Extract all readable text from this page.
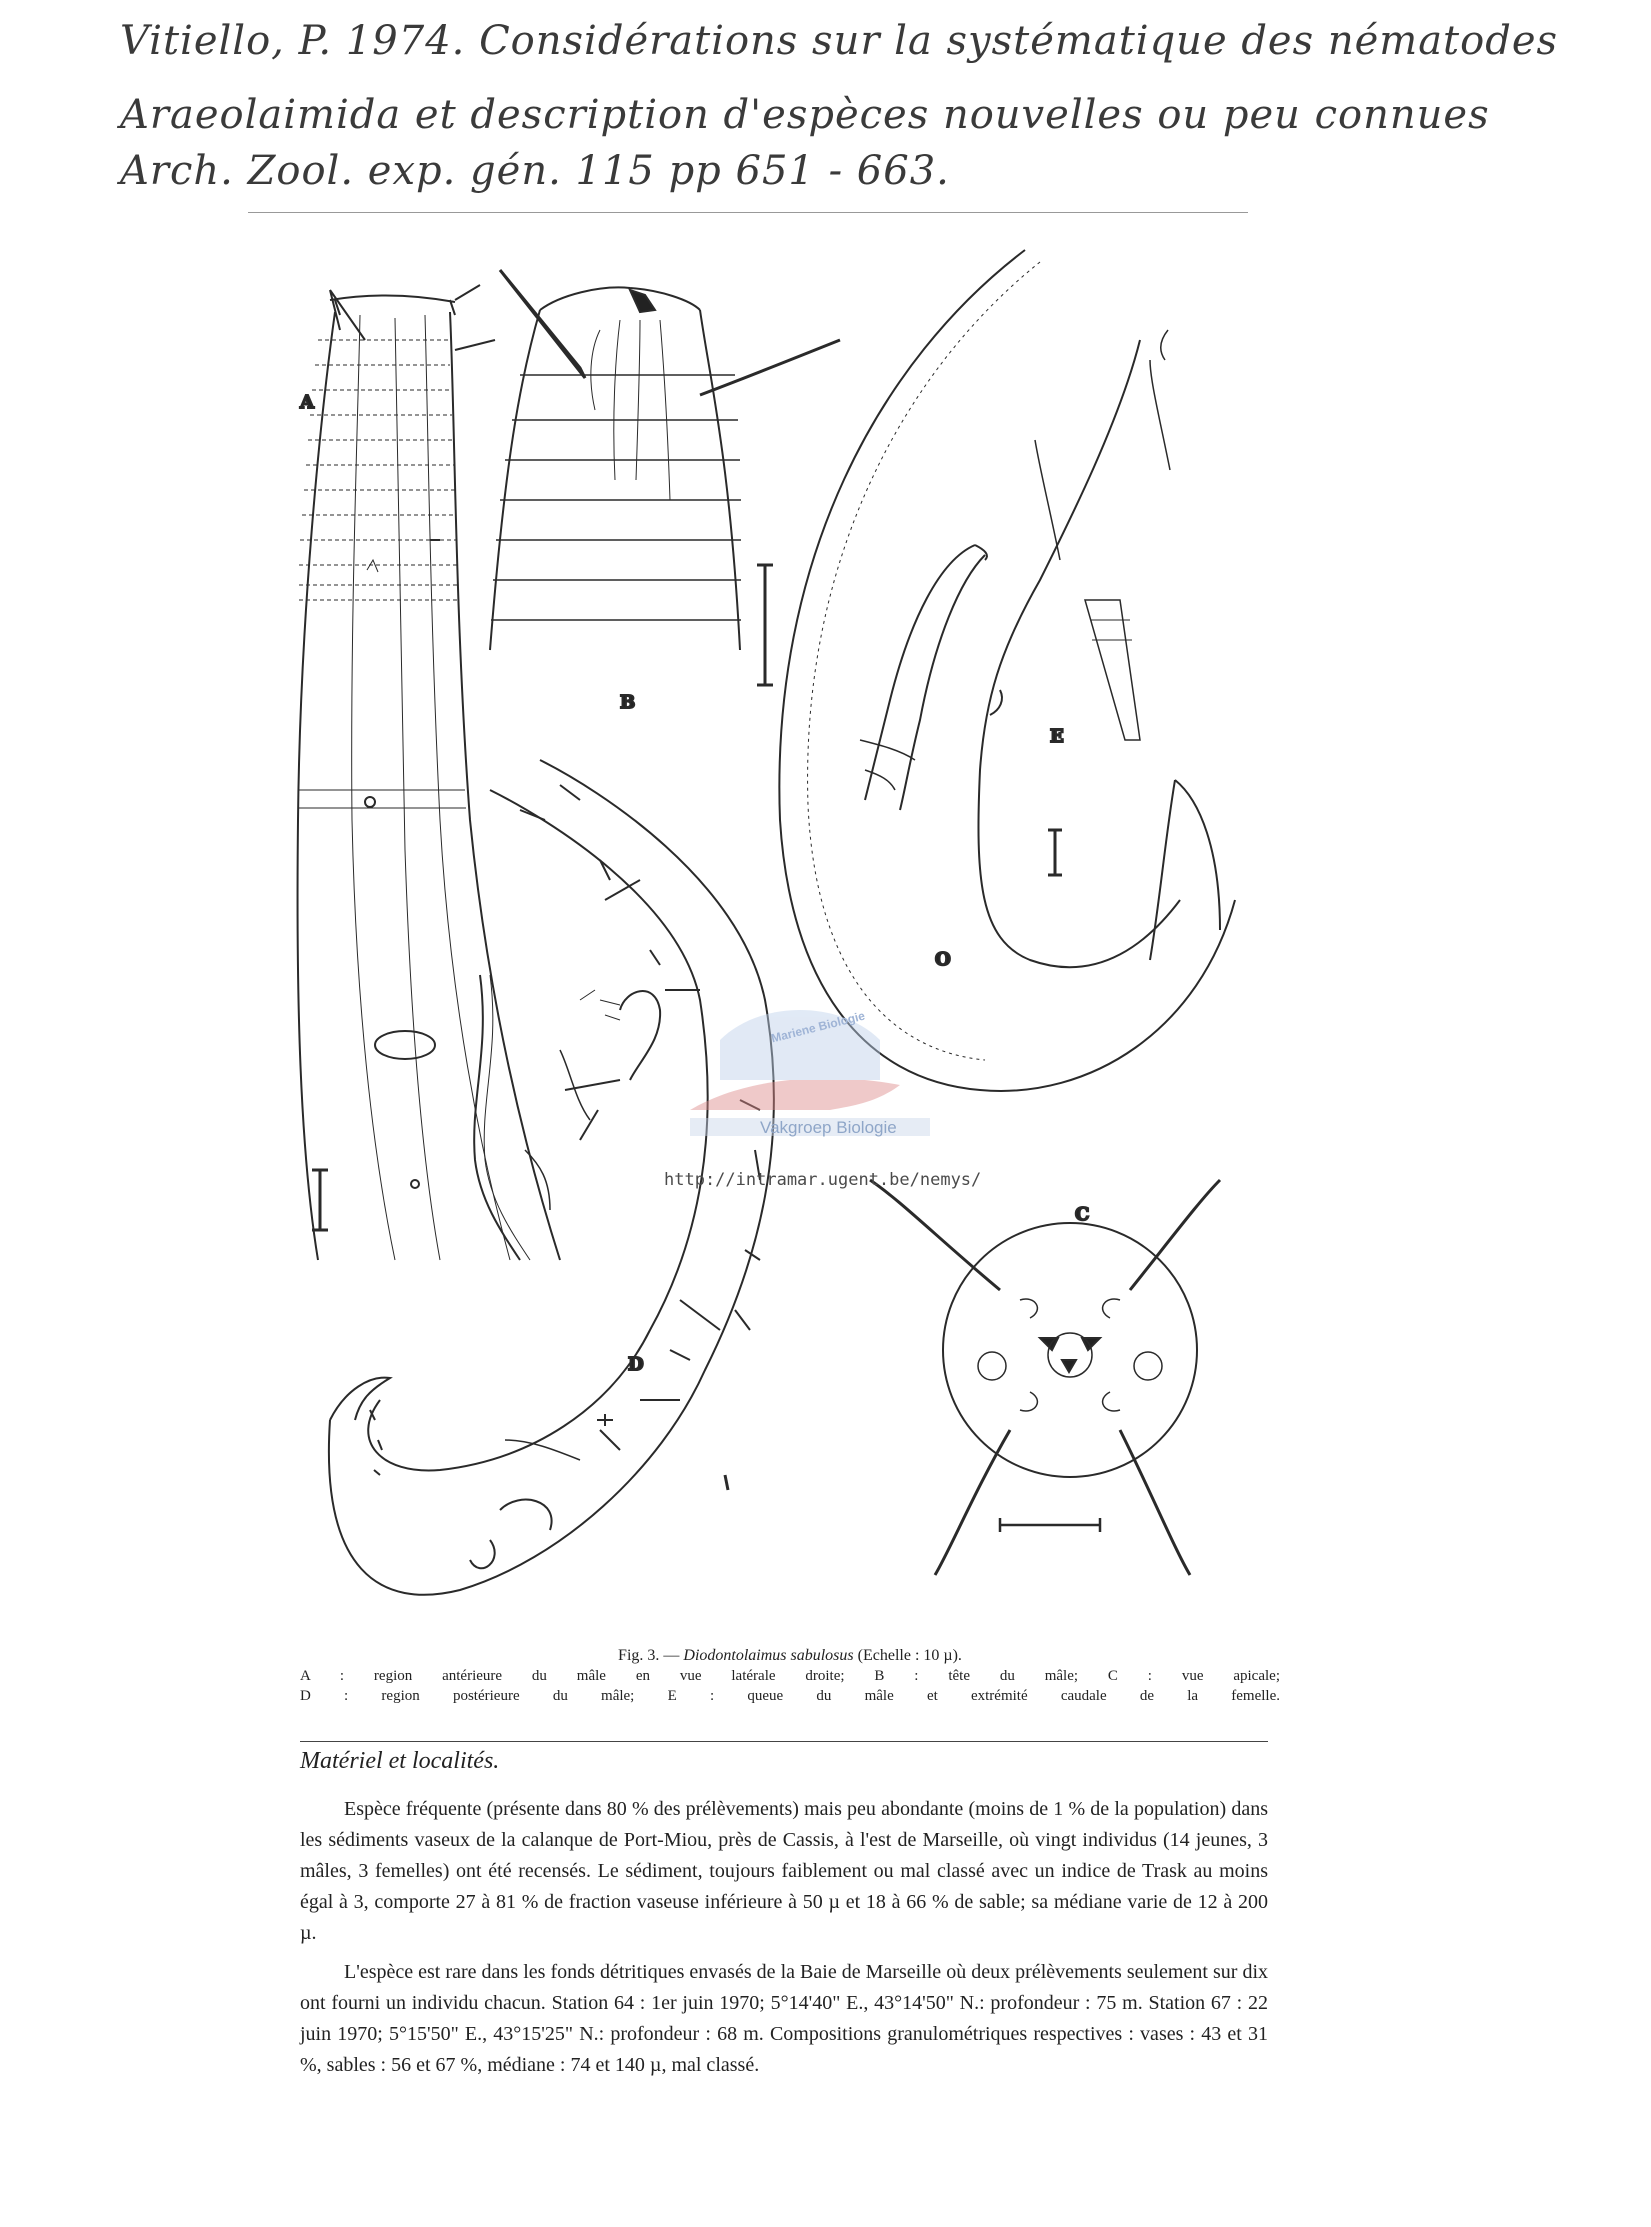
Vitiello, P. 1974. Considérations sur la systématique des nématodes
Araeolaimida et description d'espèces nouvelles ou peu connues
Arch. Zool. exp. gén. 115 pp 651 - 663.
A
B
E
O
D
C
Mariene Biologie
Vakgroep Biologie
http://intramar.ugent.be/nemys/
Fig. 3. — Diodontolaimus sabulosus (Echelle : 10 µ).
A : region antérieure du mâle en vue latérale droite; B : tête du mâle; C : vue apicale;
D : region postérieure du mâle; E : queue du mâle et extrémité caudale de la femelle.
Matériel et localités.

Espèce fréquente (présente dans 80 % des prélèvements) mais peu abondante (moins de 1 % de la population) dans les sédiments vaseux de la calanque de Port-Miou, près de Cassis, à l'est de Marseille, où vingt individus (14 jeunes, 3 mâles, 3 femelles) ont été recensés. Le sédiment, toujours faiblement ou mal classé avec un indice de Trask au moins égal à 3, comporte 27 à 81 % de fraction vaseuse inférieure à 50 µ et 18 à 66 % de sable; sa médiane varie de 12 à 200 µ.

L'espèce est rare dans les fonds détritiques envasés de la Baie de Marseille où deux prélèvements seulement sur dix ont fourni un individu chacun. Station 64 : 1er juin 1970; 5°14'40" E., 43°14'50" N.: profondeur : 75 m. Station 67 : 22 juin 1970; 5°15'50" E., 43°15'25" N.: profondeur : 68 m. Compositions granulométriques respectives : vases : 43 et 31 %, sables : 56 et 67 %, médiane : 74 et 140 µ, mal classé.
